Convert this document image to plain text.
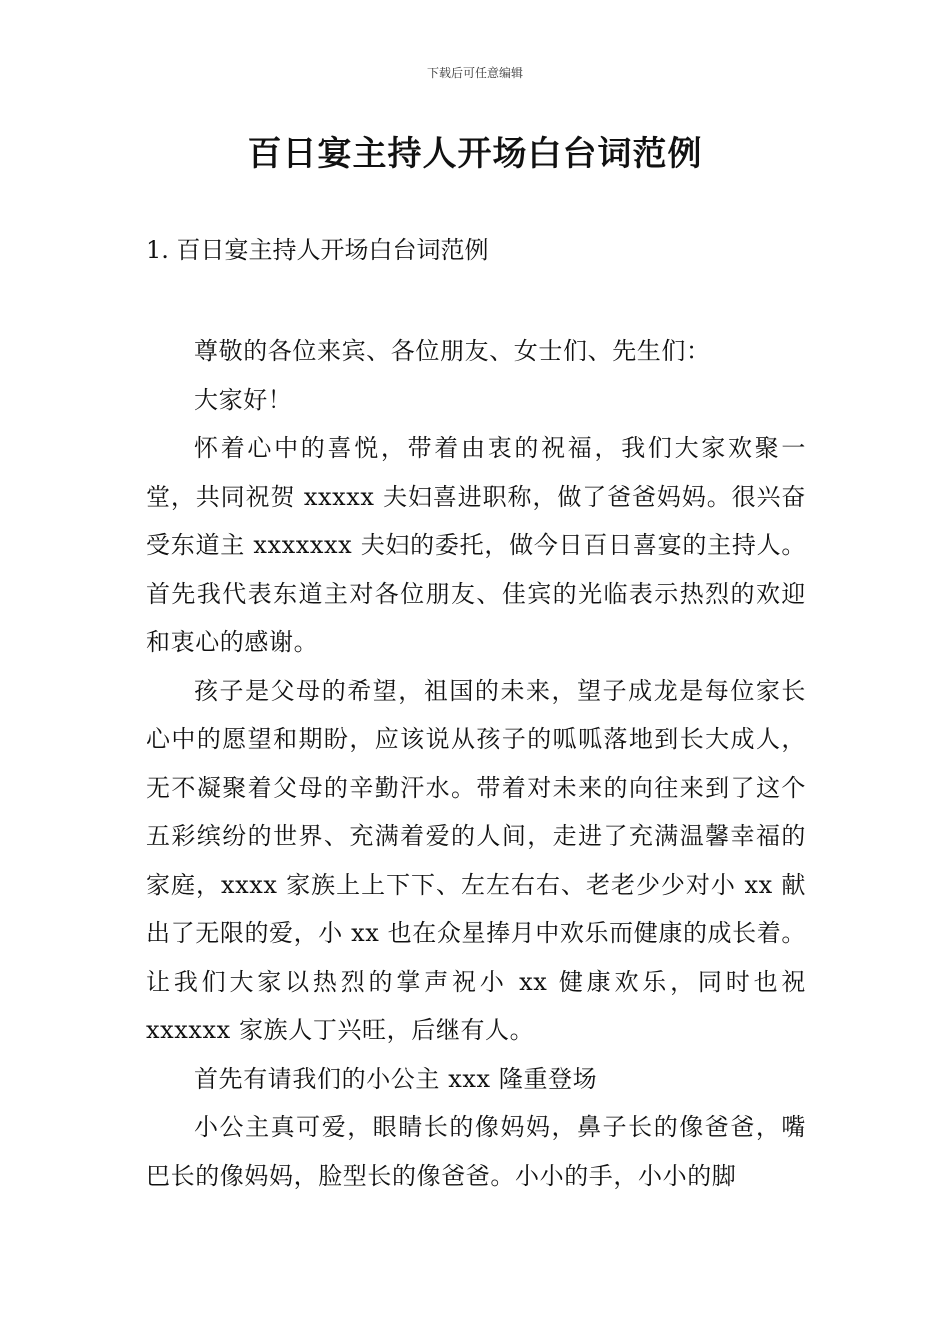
下载后可任意编辑
百日宴主持人开场白台词范例
1. 百日宴主持人开场白台词范例

尊敬的各位来宾、各位朋友、女士们、先生们：

大家好！

怀着心中的喜悦，带着由衷的祝福，我们大家欢聚一堂，共同祝贺 xxxxx 夫妇喜进职称，做了爸爸妈妈。很兴奋受东道主 xxxxxxx 夫妇的委托，做今日百日喜宴的主持人。首先我代表东道主对各位朋友、佳宾的光临表示热烈的欢迎和衷心的感谢。

孩子是父母的希望，祖国的未来，望子成龙是每位家长心中的愿望和期盼，应该说从孩子的呱呱落地到长大成人，无不凝聚着父母的辛勤汗水。带着对未来的向往来到了这个五彩缤纷的世界、充满着爱的人间，走进了充满温馨幸福的家庭，xxxx 家族上上下下、左左右右、老老少少对小 xx 献出了无限的爱，小 xx 也在众星捧月中欢乐而健康的成长着。让我们大家以热烈的掌声祝小 xx 健康欢乐，同时也祝 xxxxxx 家族人丁兴旺，后继有人。

首先有请我们的小公主 xxx 隆重登场

小公主真可爱，眼睛长的像妈妈，鼻子长的像爸爸，嘴巴长的像妈妈，脸型长的像爸爸。小小的手，小小的脚
